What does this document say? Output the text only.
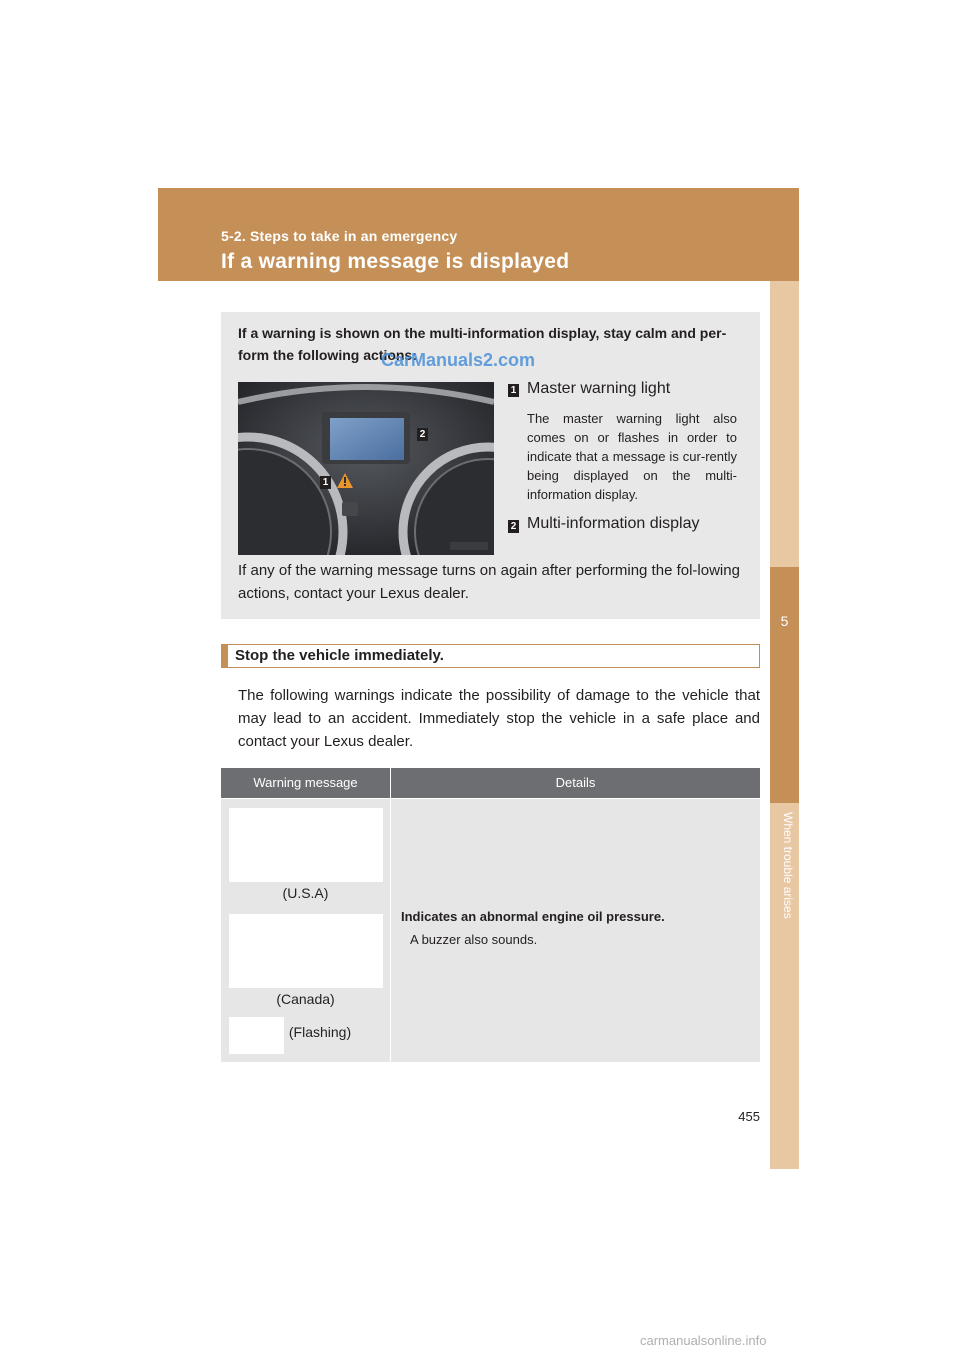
5-2. Steps to take in an emergency
If a warning message is displayed
5
When trouble arises
If a warning is shown on the multi-information display, stay calm and per-form the following actions:
CarManuals2.com
1
2
1 Master warning light
The master warning light also comes on or flashes in order to indicate that a message is cur-rently being displayed on the multi-information display.
2 Multi-information display
If any of the warning message turns on again after performing the fol-lowing actions, contact your Lexus dealer.
Stop the vehicle immediately.
The following warnings indicate the possibility of damage to the vehicle that may lead to an accident. Immediately stop the vehicle in a safe place and contact your Lexus dealer.
Warning message	Details
(U.S.A)
(Canada)
(Flashing)
Indicates an abnormal engine oil pressure.
A buzzer also sounds.
455
carmanualsonline.info
